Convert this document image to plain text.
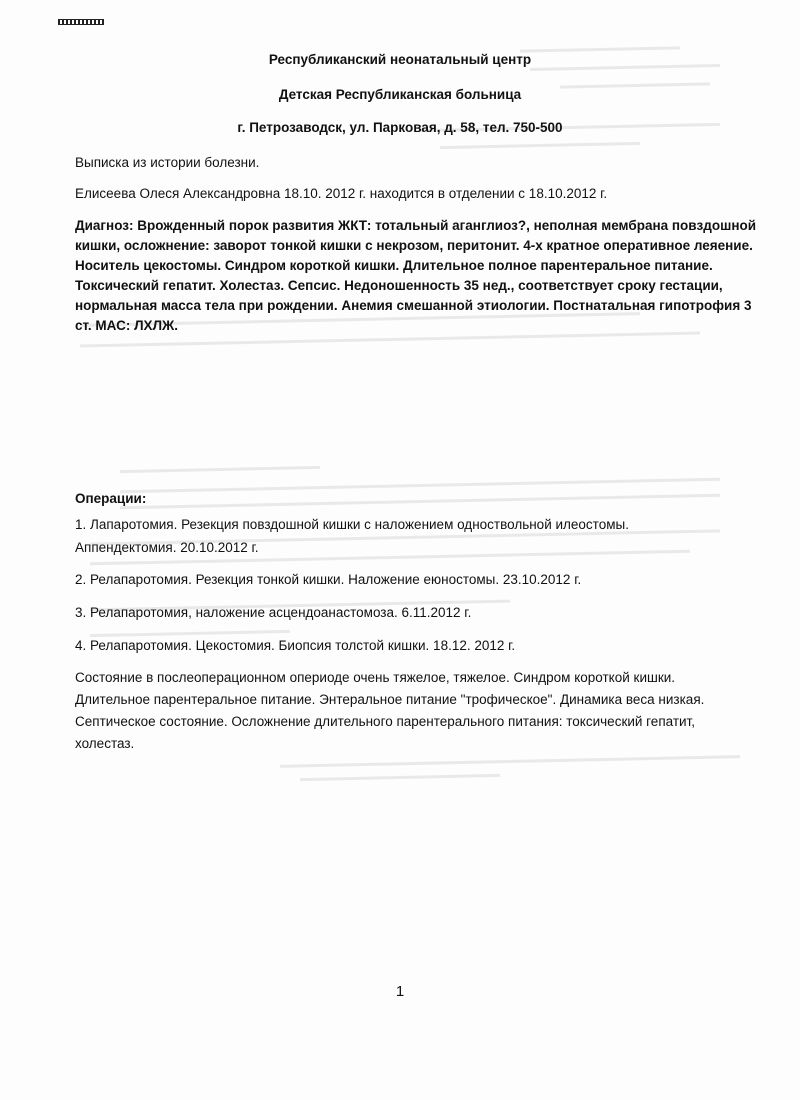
Республиканский неонатальный центр
Детская Республиканская больница
г. Петрозаводск, ул. Парковая, д. 58, тел. 750-500
Выписка из истории болезни.
Елисеева Олеся Александровна 18.10. 2012 г. находится в отделении с 18.10.2012 г.
Диагноз: Врожденный порок развития ЖКТ: тотальный аганглиоз?, неполная мембрана повздошной
кишки, осложнение: заворот тонкой кишки с некрозом, перитонит. 4-х кратное оперативное леяение.
Носитель цекостомы. Синдром короткой кишки. Длительное полное парентеральное питание.
Токсический гепатит. Холестаз. Сепсис. Недоношенность 35 нед., соответствует сроку гестации,
нормальная масса тела при рождении. Анемия смешанной этиологии. Постнатальная гипотрофия 3
ст. МАС: ЛХЛЖ.
Операции:
1. Лапаротомия. Резекция повздошной кишки с наложением одноствольной илеостомы.
Аппендектомия. 20.10.2012 г.
2. Релапаротомия. Резекция тонкой кишки. Наложение еюностомы. 23.10.2012 г.
3. Релапаротомия, наложение асцендоанастомоза. 6.11.2012 г.
4. Релапаротомия. Цекостомия. Биопсия толстой кишки. 18.12. 2012 г.
Состояние в послеоперационном опериоде очень тяжелое, тяжелое. Синдром короткой кишки.
Длительное парентеральное питание. Энтеральное питание "трофическое". Динамика веса низкая.
Септическое состояние. Осложнение длительного парентерального питания: токсический гепатит,
холестаз.
1
